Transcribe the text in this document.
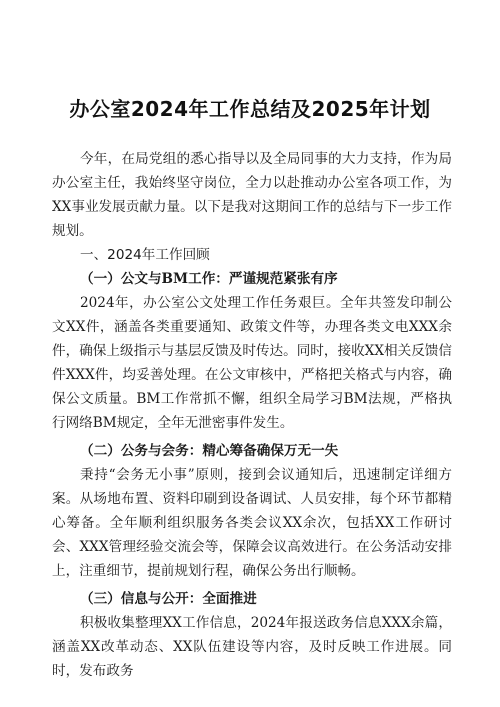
办公室2024年工作总结及2025年计划

今年，在局党组的悉心指导以及全局同事的大力支持，作为局办公室主任，我始终坚守岗位，全力以赴推动办公室各项工作，为XX事业发展贡献力量。以下是我对这期间工作的总结与下一步工作规划。

一、2024年工作回顾

（一）公文与BM工作：严谨规范紧张有序

2024年，办公室公文处理工作任务艰巨。全年共签发印制公文XX件，涵盖各类重要通知、政策文件等，办理各类文电XXX余件，确保上级指示与基层反馈及时传达。同时，接收XX相关反馈信件XXX件，均妥善处理。在公文审核中，严格把关格式与内容，确保公文质量。BM工作常抓不懈，组织全局学习BM法规，严格执行网络BM规定，全年无泄密事件发生。

（二）公务与会务：精心筹备确保万无一失

秉持“会务无小事”原则，接到会议通知后，迅速制定详细方案。从场地布置、资料印刷到设备调试、人员安排，每个环节都精心筹备。全年顺利组织服务各类会议XX余次，包括XX工作研讨会、XXX管理经验交流会等，保障会议高效进行。在公务活动安排上，注重细节，提前规划行程，确保公务出行顺畅。

（三）信息与公开：全面推进

积极收集整理XX工作信息，2024年报送政务信息XXX余篇，涵盖XX改革动态、XX队伍建设等内容，及时反映工作进展。同时，发布政务
